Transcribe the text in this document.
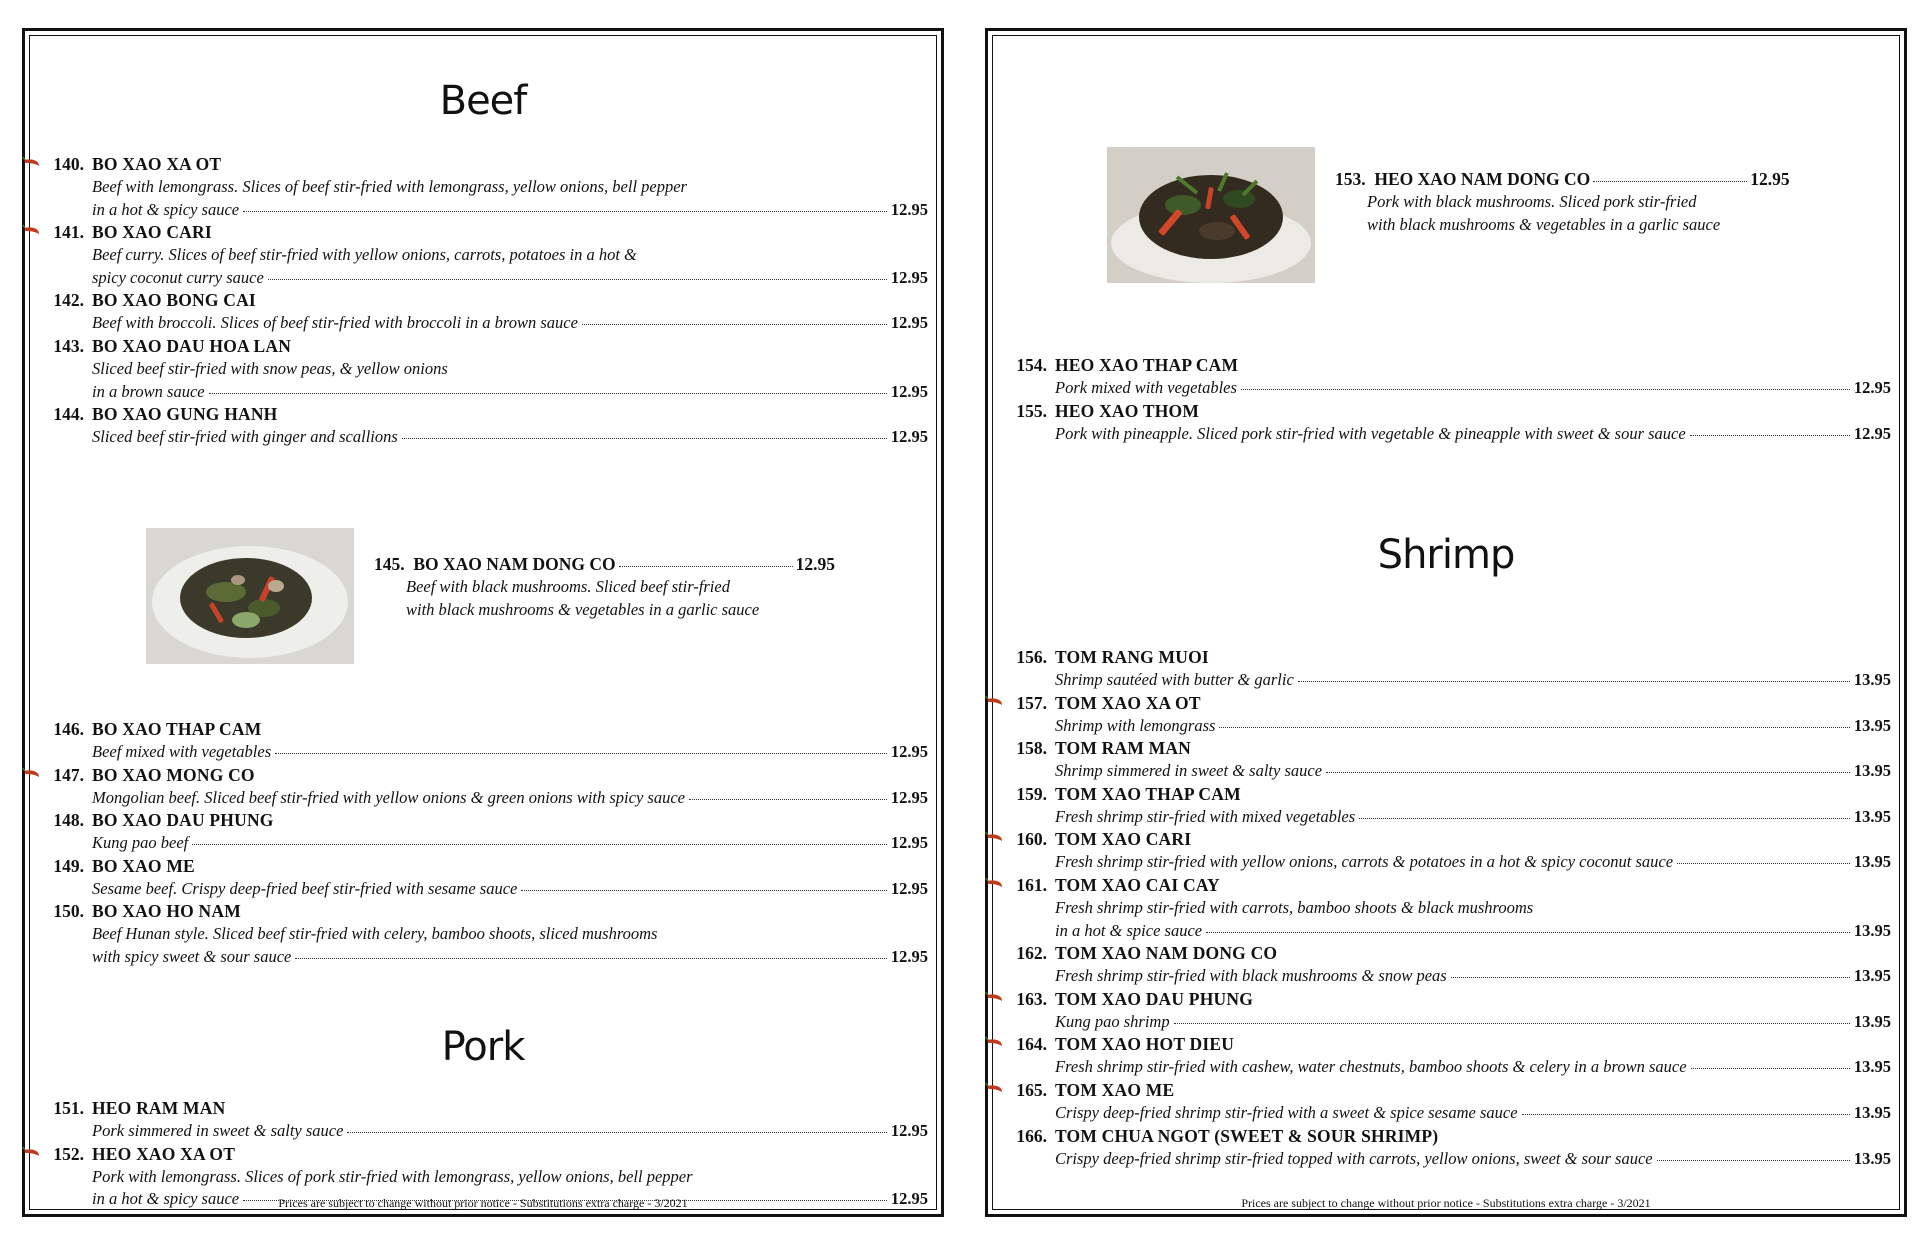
Beef
140. BO XAO XA OT
Beef with lemongrass. Slices of beef stir-fried with lemongrass, yellow onions, bell pepper
in a hot & spicy sauce	12.95
141. BO XAO CARI
Beef curry. Slices of beef stir-fried with yellow onions, carrots, potatoes in a hot &
spicy coconut curry sauce	12.95
142. BO XAO BONG CAI
Beef with broccoli. Slices of beef stir-fried with broccoli in a brown sauce	12.95
143. BO XAO DAU HOA LAN
Sliced beef stir-fried with snow peas, & yellow onions
in a brown sauce	12.95
144. BO XAO GUNG HANH
Sliced beef stir-fried with ginger and scallions	12.95
145.
BO XAO NAM DONG CO	12.95
Beef with black mushrooms. Sliced beef stir-fried
with black mushrooms & vegetables in a garlic sauce
146. BO XAO THAP CAM
Beef mixed with vegetables	12.95
147. BO XAO MONG CO
Mongolian beef. Sliced beef stir-fried with yellow onions & green onions with spicy sauce	12.95
148. BO XAO DAU PHUNG
Kung pao beef	12.95
149. BO XAO ME
Sesame beef. Crispy deep-fried beef stir-fried with sesame sauce	12.95
150. BO XAO HO NAM
Beef Hunan style. Sliced beef stir-fried with celery, bamboo shoots, sliced mushrooms
with spicy sweet & sour sauce	12.95
Pork
151. HEO RAM MAN
Pork simmered in sweet & salty sauce	12.95
152. HEO XAO XA OT
Pork with lemongrass. Slices of pork stir-fried with lemongrass, yellow onions, bell pepper
in a hot & spicy sauce	12.95
Prices are subject to change without prior notice - Substitutions extra charge - 3/2021
153.
HEO XAO NAM DONG CO	12.95
Pork with black mushrooms. Sliced pork stir-fried
with black mushrooms & vegetables in a garlic sauce
154. HEO XAO THAP CAM
Pork mixed with vegetables	12.95
155. HEO XAO THOM
Pork with pineapple. Sliced pork stir-fried with vegetable & pineapple with sweet & sour sauce	12.95
Shrimp
156. TOM RANG MUOI
Shrimp sautéed with butter & garlic	13.95
157. TOM XAO XA OT
Shrimp with lemongrass	13.95
158. TOM RAM MAN
Shrimp simmered in sweet & salty sauce	13.95
159. TOM XAO THAP CAM
Fresh shrimp stir-fried with mixed vegetables	13.95
160. TOM XAO CARI
Fresh shrimp stir-fried with yellow onions, carrots & potatoes in a hot & spicy coconut sauce	13.95
161. TOM XAO CAI CAY
Fresh shrimp stir-fried with carrots, bamboo shoots & black mushrooms
in a hot & spice sauce	13.95
162. TOM XAO NAM DONG CO
Fresh shrimp stir-fried with black mushrooms & snow peas	13.95
163. TOM XAO DAU PHUNG
Kung pao shrimp	13.95
164. TOM XAO HOT DIEU
Fresh shrimp stir-fried with cashew, water chestnuts, bamboo shoots & celery in a brown sauce	13.95
165. TOM XAO ME
Crispy deep-fried shrimp stir-fried with a sweet & spice sesame sauce	13.95
166. TOM CHUA NGOT (SWEET & SOUR SHRIMP)
Crispy deep-fried shrimp stir-fried topped with carrots, yellow onions, sweet & sour sauce	13.95
Prices are subject to change without prior notice - Substitutions extra charge - 3/2021
